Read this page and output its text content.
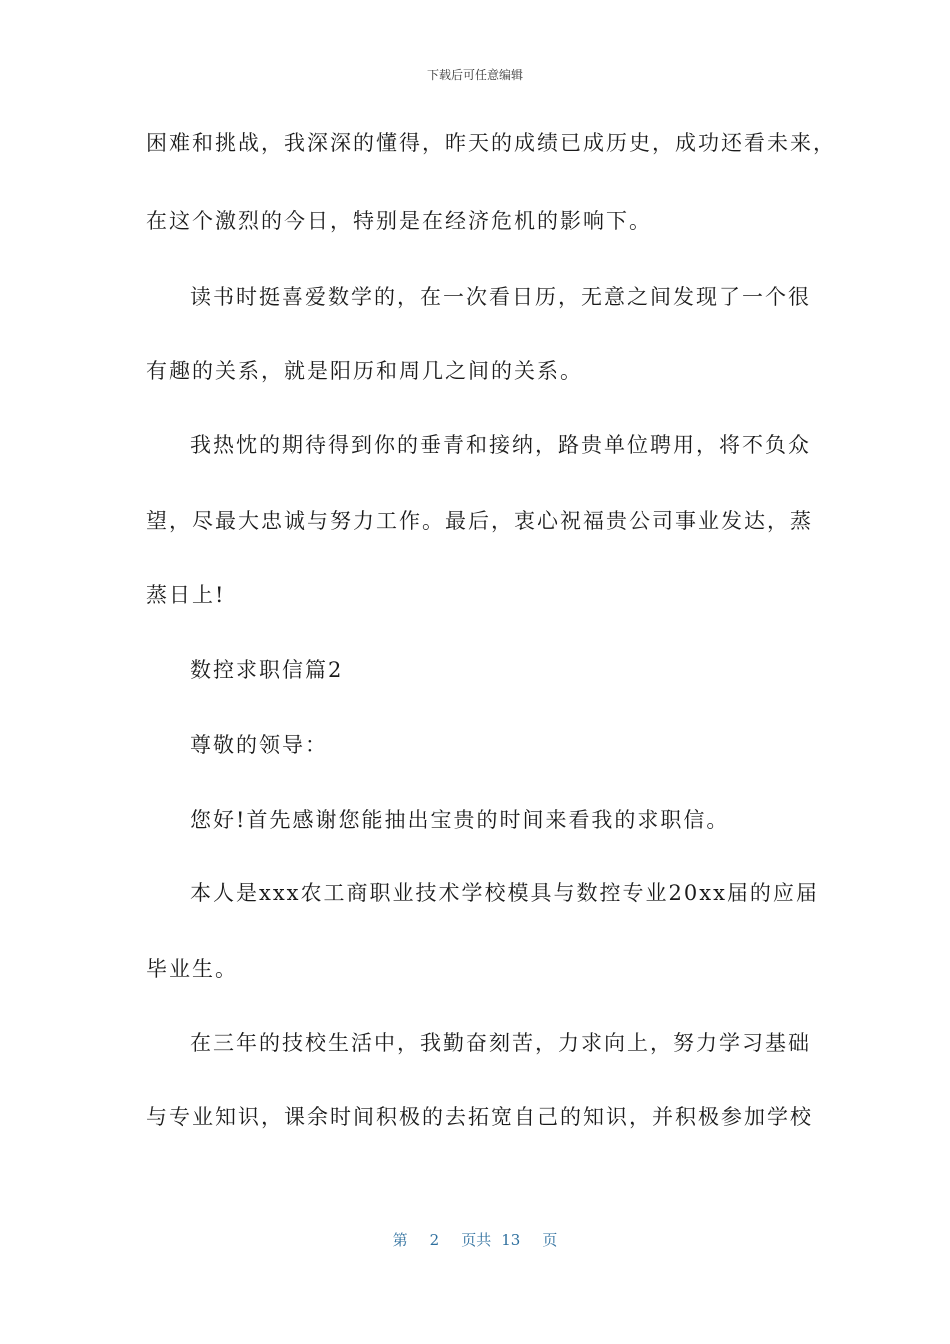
下载后可任意编辑
困难和挑战，我深深的懂得，昨天的成绩已成历史，成功还看未来，
在这个激烈的今日，特别是在经济危机的影响下。
读书时挺喜爱数学的，在一次看日历，无意之间发现了一个很
有趣的关系，就是阳历和周几之间的关系。
我热忱的期待得到你的垂青和接纳，路贵单位聘用，将不负众
望，尽最大忠诚与努力工作。最后，衷心祝福贵公司事业发达，蒸
蒸日上!
数控求职信篇2
尊敬的领导：
您好!首先感谢您能抽出宝贵的时间来看我的求职信。
本人是xxx农工商职业技术学校模具与数控专业20xx届的应届
毕业生。
在三年的技校生活中，我勤奋刻苦，力求向上，努力学习基础
与专业知识，课余时间积极的去拓宽自己的知识，并积极参加学校
第 2 页共 13 页
